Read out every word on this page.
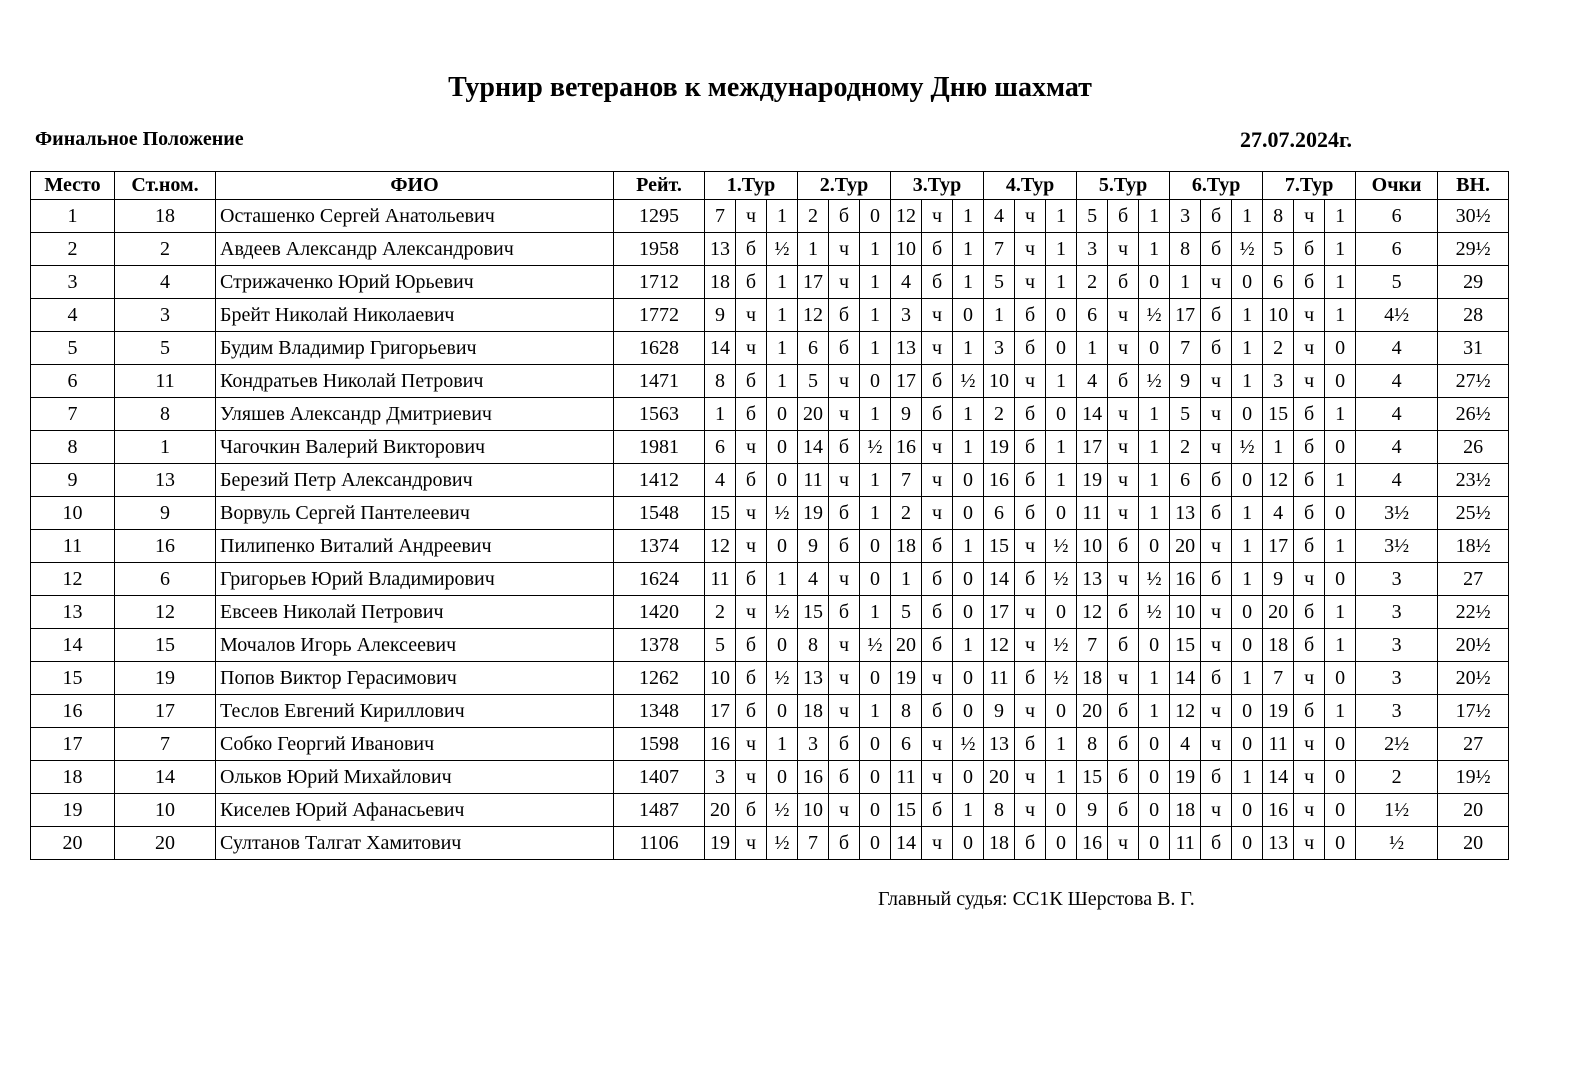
Турнир ветеранов к международному Дню шахмат
Финальное Положение	27.07.2024г.
Место	Ст.ном.	ФИО	Рейт.	1.Тур			2.Тур			3.Тур			4.Тур			5.Тур			6.Тур			7.Тур			Очки	ВН.
1	18	Осташенко Сергей Анатольевич	1295	7	ч	1	2	б	0	12	ч	1	4	ч	1	5	б	1	3	б	1	8	ч	1	6	30½
2	2	Авдеев Александр Александрович	1958	13	б	½	1	ч	1	10	б	1	7	ч	1	3	ч	1	8	б	½	5	б	1	6	29½
3	4	Стрижаченко Юрий Юрьевич	1712	18	б	1	17	ч	1	4	б	1	5	ч	1	2	б	0	1	ч	0	6	б	1	5	29
4	3	Брейт Николай Николаевич	1772	9	ч	1	12	б	1	3	ч	0	1	б	0	6	ч	½	17	б	1	10	ч	1	4½	28
5	5	Будим Владимир Григорьевич	1628	14	ч	1	6	б	1	13	ч	1	3	б	0	1	ч	0	7	б	1	2	ч	0	4	31
6	11	Кондратьев Николай Петрович	1471	8	б	1	5	ч	0	17	б	½	10	ч	1	4	б	½	9	ч	1	3	ч	0	4	27½
7	8	Уляшев Александр Дмитриевич	1563	1	б	0	20	ч	1	9	б	1	2	б	0	14	ч	1	5	ч	0	15	б	1	4	26½
8	1	Чагочкин Валерий Викторович	1981	6	ч	0	14	б	½	16	ч	1	19	б	1	17	ч	1	2	ч	½	1	б	0	4	26
9	13	Березий Петр Александрович	1412	4	б	0	11	ч	1	7	ч	0	16	б	1	19	ч	1	6	б	0	12	б	1	4	23½
10	9	Ворвуль Сергей Пантелеевич	1548	15	ч	½	19	б	1	2	ч	0	6	б	0	11	ч	1	13	б	1	4	б	0	3½	25½
11	16	Пилипенко Виталий Андреевич	1374	12	ч	0	9	б	0	18	б	1	15	ч	½	10	б	0	20	ч	1	17	б	1	3½	18½
12	6	Григорьев Юрий Владимирович	1624	11	б	1	4	ч	0	1	б	0	14	б	½	13	ч	½	16	б	1	9	ч	0	3	27
13	12	Евсеев Николай Петрович	1420	2	ч	½	15	б	1	5	б	0	17	ч	0	12	б	½	10	ч	0	20	б	1	3	22½
14	15	Мочалов Игорь Алексеевич	1378	5	б	0	8	ч	½	20	б	1	12	ч	½	7	б	0	15	ч	0	18	б	1	3	20½
15	19	Попов Виктор Герасимович	1262	10	б	½	13	ч	0	19	ч	0	11	б	½	18	ч	1	14	б	1	7	ч	0	3	20½
16	17	Теслов Евгений Кириллович	1348	17	б	0	18	ч	1	8	б	0	9	ч	0	20	б	1	12	ч	0	19	б	1	3	17½
17	7	Собко Георгий Иванович	1598	16	ч	1	3	б	0	6	ч	½	13	б	1	8	б	0	4	ч	0	11	ч	0	2½	27
18	14	Ольков Юрий Михайлович	1407	3	ч	0	16	б	0	11	ч	0	20	ч	1	15	б	0	19	б	1	14	ч	0	2	19½
19	10	Киселев Юрий Афанасьевич	1487	20	б	½	10	ч	0	15	б	1	8	ч	0	9	б	0	18	ч	0	16	ч	0	1½	20
20	20	Султанов Талгат Хамитович	1106	19	ч	½	7	б	0	14	ч	0	18	б	0	16	ч	0	11	б	0	13	ч	0	½	20
Главный судья: СС1К Шерстова В. Г.
